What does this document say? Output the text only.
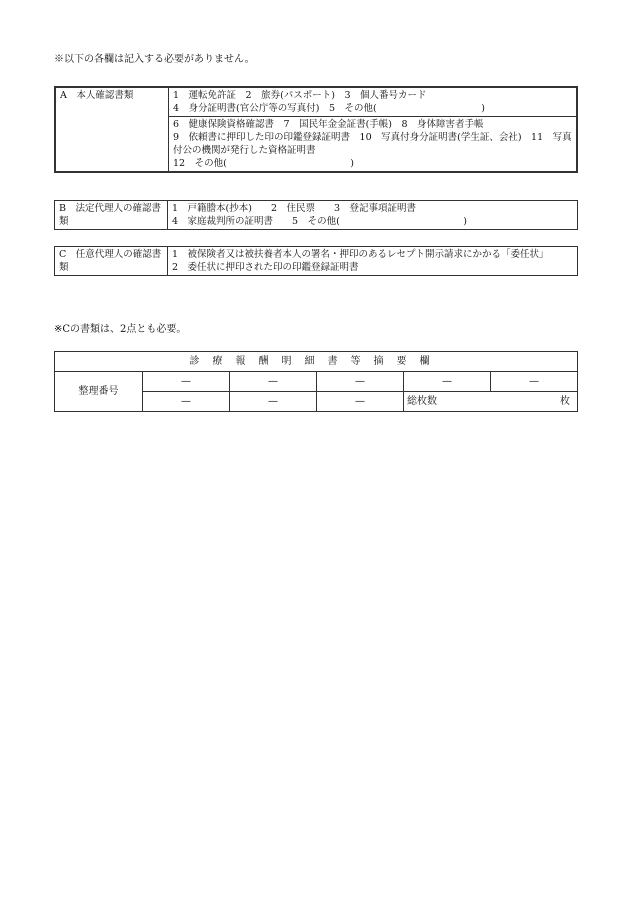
※以下の各欄は記入する必要がありません。
A　本人確認書類	1　運転免許証　2　旅券(パスポート)　3　個人番号カード
4　身分証明書(官公庁等の写真付)　5　その他(　　　　　　　　　　　)

6　健康保険資格確認書　7　国民年金金証書(手帳)　8　身体障害者手帳
9　依頼書に押印した印の印鑑登録証明書　10　写真付身分証明書(学生証、会社)　11　写真付公の機関が発行した資格証明書
12　その他(　　　　　　　　　　　　　)
B　法定代理人の確認書類	
1　戸籍謄本(抄本)　　2　住民票　　3　登記事項証明書
4　家庭裁判所の証明書　　5　その他(　　　　　　　　　　　　　)
C　任意代理人の確認書類	
1　被保険者又は被扶養者本人の署名・押印のあるレセプト開示請求にかかる「委任状」
2　委任状に押印された印の印鑑登録証明書
※Cの書類は、2点とも必要。
診療報酬明細書等摘要欄					
整理番号	—	—	—	—	—
	—	—	—	総枚数 枚	
